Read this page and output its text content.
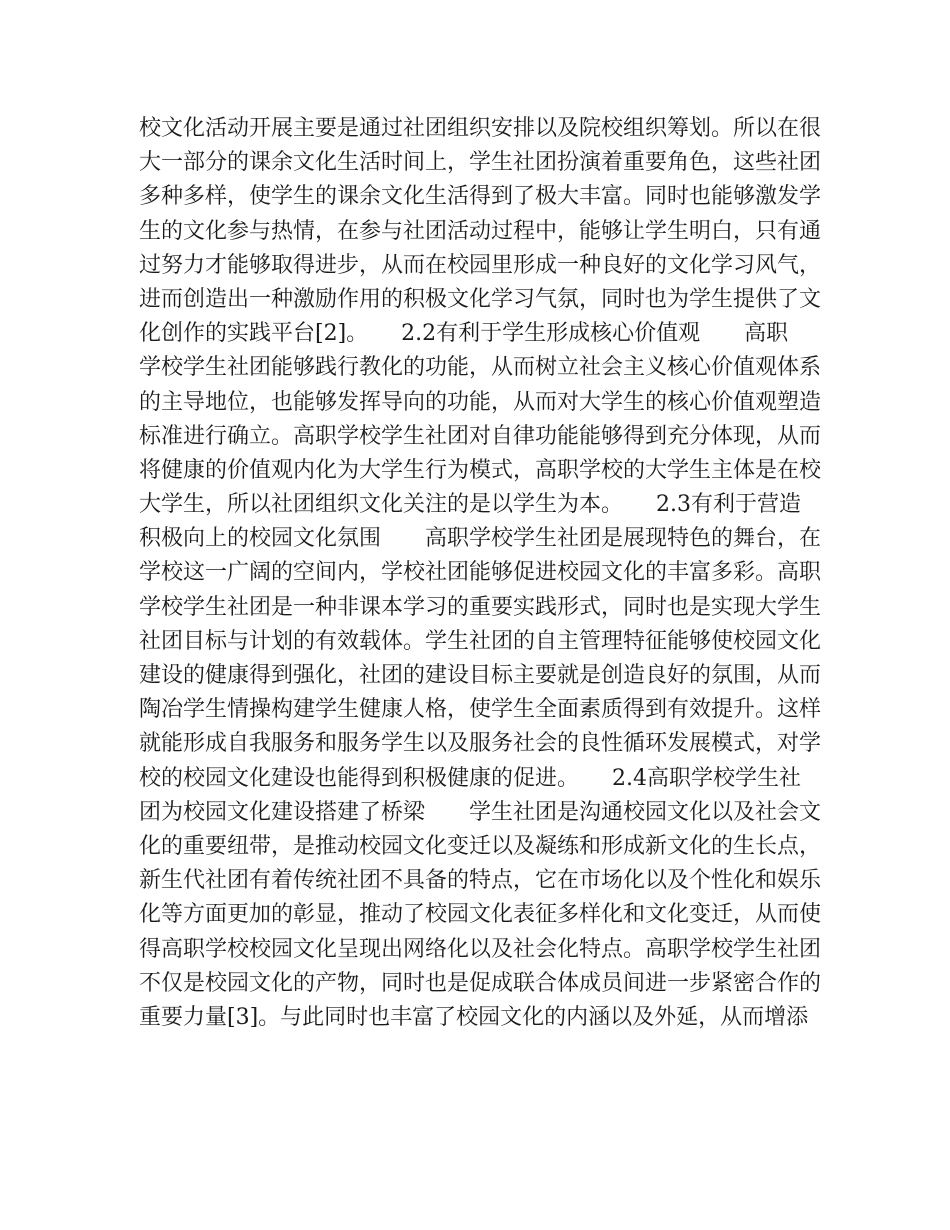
校文化活动开展主要是通过社团组织安排以及院校组织筹划。所以在很
大一部分的课余文化生活时间上，学生社团扮演着重要角色，这些社团
多种多样，使学生的课余文化生活得到了极大丰富。同时也能够激发学
生的文化参与热情，在参与社团活动过程中，能够让学生明白，只有通
过努力才能够取得进步，从而在校园里形成一种良好的文化学习风气，
进而创造出一种激励作用的积极文化学习气氛，同时也为学生提供了文
化创作的实践平台[2]。　　2.2有利于学生形成核心价值观　　高职
学校学生社团能够践行教化的功能，从而树立社会主义核心价值观体系
的主导地位，也能够发挥导向的功能，从而对大学生的核心价值观塑造
标准进行确立。高职学校学生社团对自律功能能够得到充分体现，从而
将健康的价值观内化为大学生行为模式，高职学校的大学生主体是在校
大学生，所以社团组织文化关注的是以学生为本。　　2.3有利于营造
积极向上的校园文化氛围　　高职学校学生社团是展现特色的舞台，在
学校这一广阔的空间内，学校社团能够促进校园文化的丰富多彩。高职
学校学生社团是一种非课本学习的重要实践形式，同时也是实现大学生
社团目标与计划的有效载体。学生社团的自主管理特征能够使校园文化
建设的健康得到强化，社团的建设目标主要就是创造良好的氛围，从而
陶冶学生情操构建学生健康人格，使学生全面素质得到有效提升。这样
就能形成自我服务和服务学生以及服务社会的良性循环发展模式，对学
校的校园文化建设也能得到积极健康的促进。　　2.4高职学校学生社
团为校园文化建设搭建了桥梁　　学生社团是沟通校园文化以及社会文
化的重要纽带，是推动校园文化变迁以及凝练和形成新文化的生长点，
新生代社团有着传统社团不具备的特点，它在市场化以及个性化和娱乐
化等方面更加的彰显，推动了校园文化表征多样化和文化变迁，从而使
得高职学校校园文化呈现出网络化以及社会化特点。高职学校学生社团
不仅是校园文化的产物，同时也是促成联合体成员间进一步紧密合作的
重要力量[3]。与此同时也丰富了校园文化的内涵以及外延，从而增添
